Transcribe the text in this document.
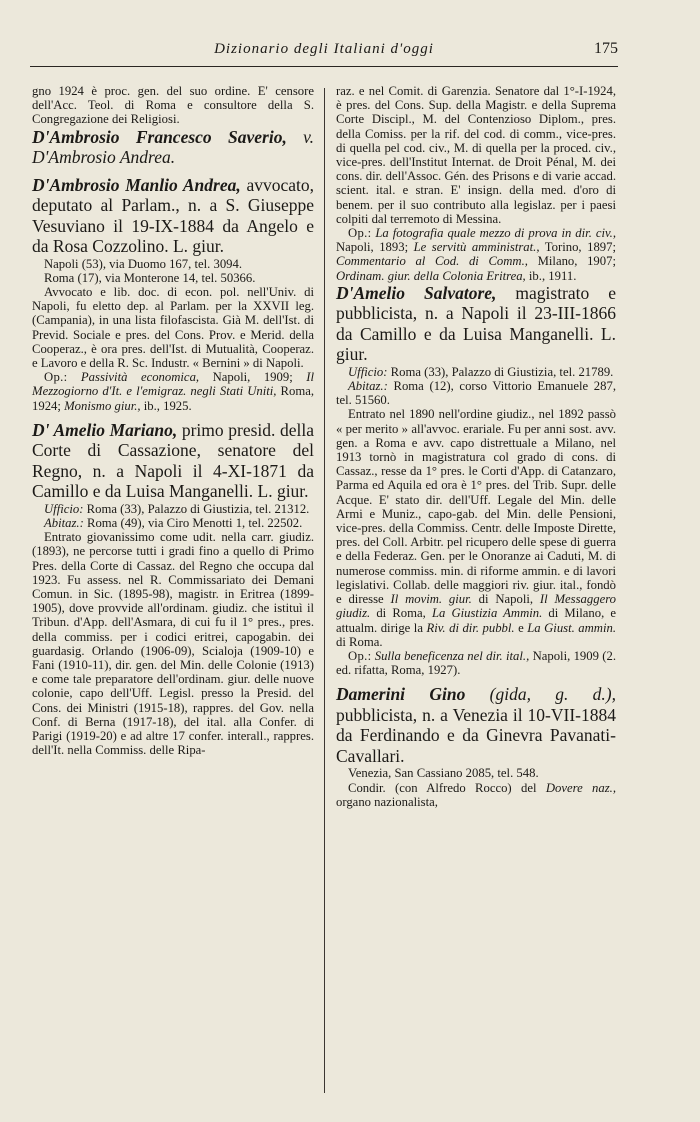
Dizionario degli Italiani d'oggi	175

gno 1924 è proc. gen. del suo ordine. E' censore dell'Acc. Teol. di Roma e consultore della S. Congregazione dei Religiosi.

D'Ambrosio Francesco Saverio, v. D'Ambrosio Andrea.

D'Ambrosio Manlio Andrea, avvocato, deputato al Parlam., n. a S. Giuseppe Vesuviano il 19-IX-1884 da Angelo e da Rosa Cozzolino. L. giur.

Napoli (53), via Duomo 167, tel. 3094.

Roma (17), via Monterone 14, tel. 50366.

Avvocato e lib. doc. di econ. pol. nell'Univ. di Napoli, fu eletto dep. al Parlam. per la XXVII leg. (Campania), in una lista filofascista. Già M. dell'Ist. di Previd. Sociale e pres. del Cons. Prov. e Merid. della Cooperaz., è ora pres. dell'Ist. di Mutualità, Cooperaz. e Lavoro e della R. Sc. Industr. « Bernini » di Napoli.

Op.: Passività economica, Napoli, 1909; Il Mezzogiorno d'It. e l'emigraz. negli Stati Uniti, Roma, 1924; Monismo giur., ib., 1925.

D' Amelio Mariano, primo presid. della Corte di Cassazione, senatore del Regno, n. a Napoli il 4-XI-1871 da Camillo e da Luisa Manganelli. L. giur.

Ufficio: Roma (33), Palazzo di Giustizia, tel. 21312.

Abitaz.: Roma (49), via Ciro Menotti 1, tel. 22502.

Entrato giovanissimo come udit. nella carr. giudiz. (1893), ne percorse tutti i gradi fino a quello di Primo Pres. della Corte di Cassaz. del Regno che occupa dal 1923. Fu assess. nel R. Commissariato dei Demani Comun. in Sic. (1895-98), magistr. in Eritrea (1899-1905), dove provvide all'ordinam. giudiz. che istituì il Tribun. d'App. dell'Asmara, di cui fu il 1° pres., pres. della commiss. per i codici eritrei, capogabin. dei guardasig. Orlando (1906-09), Scialoja (1909-10) e Fani (1910-11), dir. gen. del Min. delle Colonie (1913) e come tale preparatore dell'ordinam. giur. delle nuove colonie, capo dell'Uff. Legisl. presso la Presid. del Cons. dei Ministri (1915-18), rappres. del Gov. nella Conf. di Berna (1917-18), del ital. alla Confer. di Parigi (1919-20) e ad altre 17 confer. interall., rappres. dell'It. nella Commiss. delle Ripa-

raz. e nel Comit. di Garenzia. Senatore dal 1°-I-1924, è pres. del Cons. Sup. della Magistr. e della Suprema Corte Discipl., M. del Contenzioso Diplom., pres. della Comiss. per la rif. del cod. di comm., vice-pres. di quella pel cod. civ., M. di quella per la proced. civ., vice-pres. dell'Institut Internat. de Droit Pénal, M. dei cons. dir. dell'Assoc. Gén. des Prisons e di varie accad. scient. ital. e stran. E' insign. della med. d'oro di benem. per il suo contributo alla legislaz. per i paesi colpiti dal terremoto di Messina.

Op.: La fotografia quale mezzo di prova in dir. civ., Napoli, 1893; Le servitù amministrat., Torino, 1897; Commentario al Cod. di Comm., Milano, 1907; Ordinam. giur. della Colonia Eritrea, ib., 1911.

D'Amelio Salvatore, magistrato e pubblicista, n. a Napoli il 23-III-1866 da Camillo e da Luisa Manganelli. L. giur.

Ufficio: Roma (33), Palazzo di Giustizia, tel. 21789.

Abitaz.: Roma (12), corso Vittorio Emanuele 287, tel. 51560.

Entrato nel 1890 nell'ordine giudiz., nel 1892 passò « per merito » all'avvoc. erariale. Fu per anni sost. avv. gen. a Roma e avv. capo distrettuale a Milano, nel 1913 tornò in magistratura col grado di cons. di Cassaz., resse da 1° pres. le Corti d'App. di Catanzaro, Parma ed Aquila ed ora è 1° pres. del Trib. Supr. delle Acque. E' stato dir. dell'Uff. Legale del Min. delle Armi e Muniz., capo-gab. del Min. delle Pensioni, vice-pres. della Commiss. Centr. delle Imposte Dirette, pres. del Coll. Arbitr. pel ricupero delle spese di guerra e della Federaz. Gen. per le Onoranze ai Caduti, M. di numerose commiss. min. di riforme ammin. e di lavori legislativi. Collab. delle maggiori riv. giur. ital., fondò e diresse Il movim. giur. di Napoli, Il Messaggero giudiz. di Roma, La Giustizia Ammin. di Milano, e attualm. dirige la Riv. di dir. pubbl. e La Giust. ammin. di Roma.

Op.: Sulla beneficenza nel dir. ital., Napoli, 1909 (2. ed. rifatta, Roma, 1927).

Damerini Gino (gida, g. d.), pubblicista, n. a Venezia il 10-VII-1884 da Ferdinando e da Ginevra Pavanati-Cavallari.

Venezia, San Cassiano 2085, tel. 548.

Condir. (con Alfredo Rocco) del Dovere naz., organo nazionalista,
